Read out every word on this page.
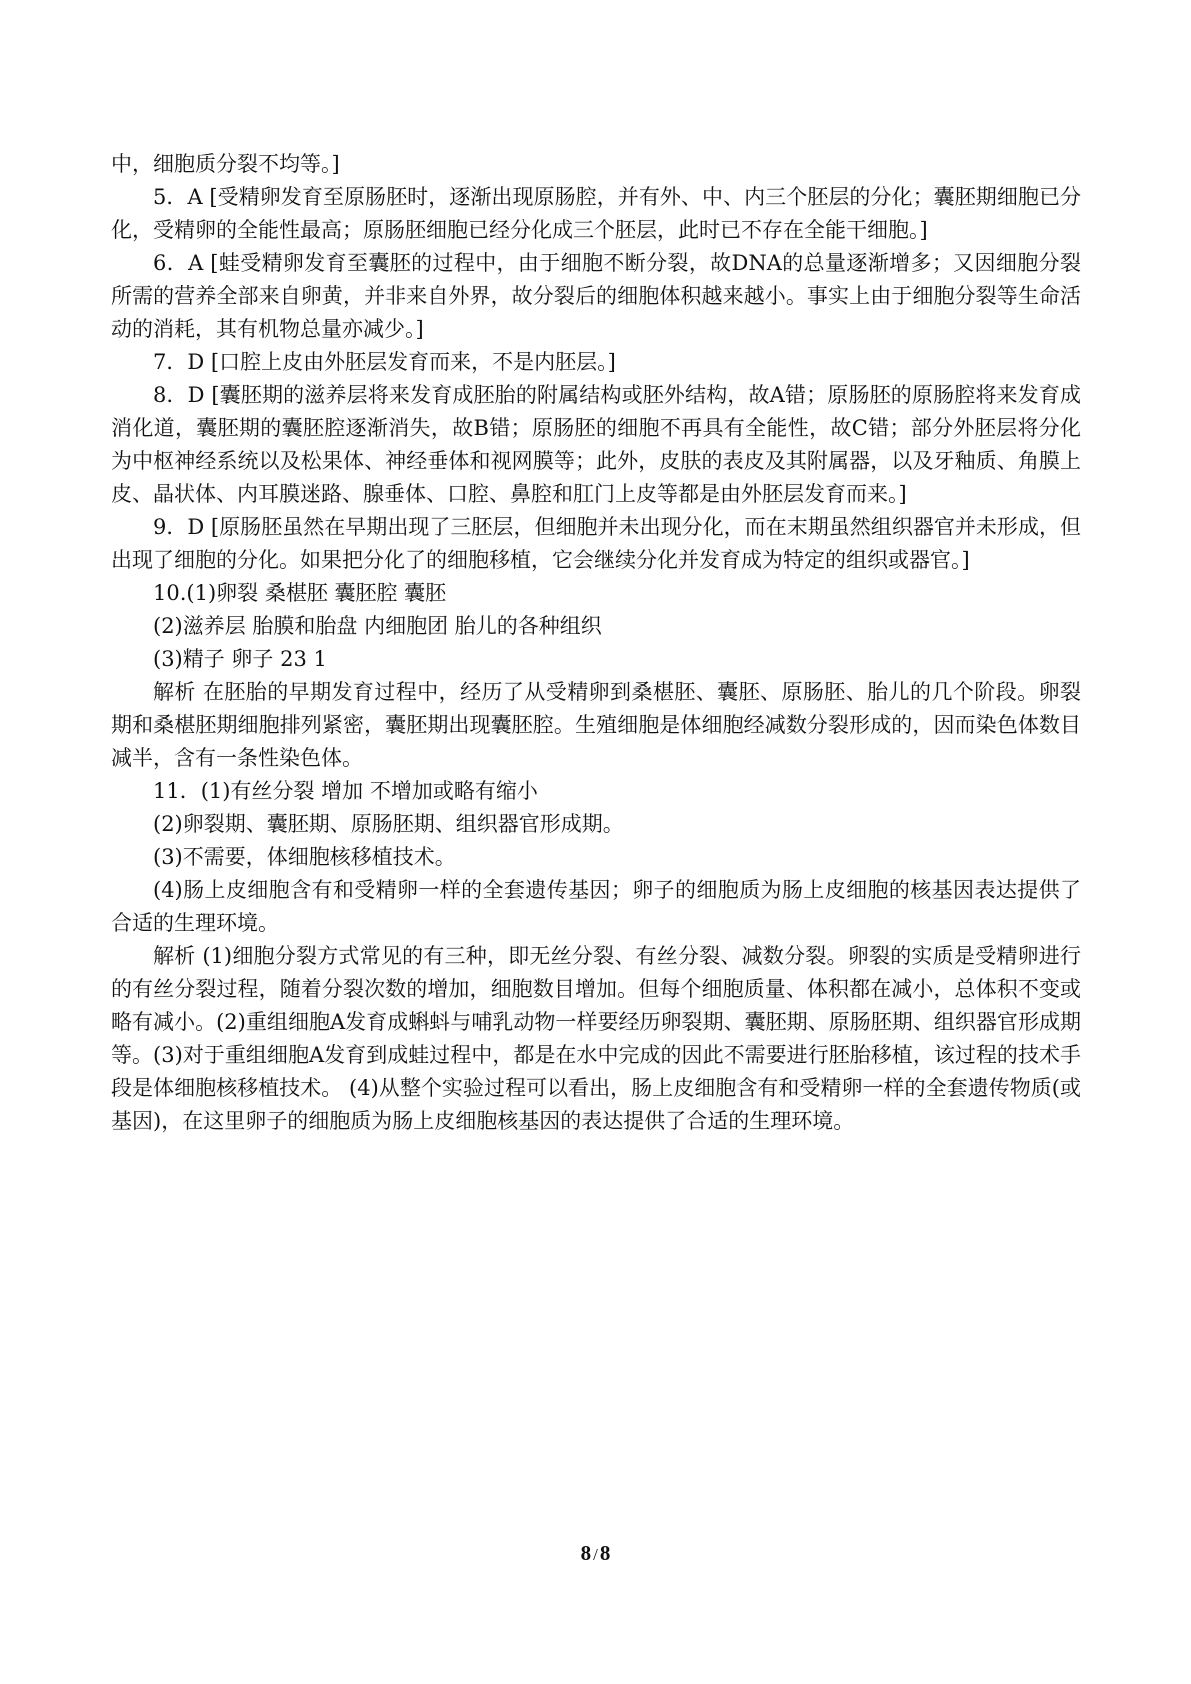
中，细胞质分裂不均等。]

5．A [受精卵发育至原肠胚时，逐渐出现原肠腔，并有外、中、内三个胚层的分化；囊胚期细胞已分化，受精卵的全能性最高；原肠胚细胞已经分化成三个胚层，此时已不存在全能干细胞。]

6．A [蛙受精卵发育至囊胚的过程中，由于细胞不断分裂，故DNA的总量逐渐增多；又因细胞分裂所需的营养全部来自卵黄，并非来自外界，故分裂后的细胞体积越来越小。事实上由于细胞分裂等生命活动的消耗，其有机物总量亦减少。]

7．D [口腔上皮由外胚层发育而来，不是内胚层。]

8．D [囊胚期的滋养层将来发育成胚胎的附属结构或胚外结构，故A错；原肠胚的原肠腔将来发育成消化道，囊胚期的囊胚腔逐渐消失，故B错；原肠胚的细胞不再具有全能性，故C错；部分外胚层将分化为中枢神经系统以及松果体、神经垂体和视网膜等；此外，皮肤的表皮及其附属器，以及牙釉质、角膜上皮、晶状体、内耳膜迷路、腺垂体、口腔、鼻腔和肛门上皮等都是由外胚层发育而来。]

9．D [原肠胚虽然在早期出现了三胚层，但细胞并未出现分化，而在末期虽然组织器官并未形成，但出现了细胞的分化。如果把分化了的细胞移植，它会继续分化并发育成为特定的组织或器官。]

10.(1)卵裂 桑椹胚 囊胚腔 囊胚

(2)滋养层 胎膜和胎盘 内细胞团 胎儿的各种组织

(3)精子 卵子 23 1

解析 在胚胎的早期发育过程中，经历了从受精卵到桑椹胚、囊胚、原肠胚、胎儿的几个阶段。卵裂期和桑椹胚期细胞排列紧密，囊胚期出现囊胚腔。生殖细胞是体细胞经减数分裂形成的，因而染色体数目减半，含有一条性染色体。

11．(1)有丝分裂 增加 不增加或略有缩小

(2)卵裂期、囊胚期、原肠胚期、组织器官形成期。

(3)不需要，体细胞核移植技术。

(4)肠上皮细胞含有和受精卵一样的全套遗传基因；卵子的细胞质为肠上皮细胞的核基因表达提供了合适的生理环境。

解析 (1)细胞分裂方式常见的有三种，即无丝分裂、有丝分裂、减数分裂。卵裂的实质是受精卵进行的有丝分裂过程，随着分裂次数的增加，细胞数目增加。但每个细胞质量、体积都在减小，总体积不变或略有减小。(2)重组细胞A发育成蝌蚪与哺乳动物一样要经历卵裂期、囊胚期、原肠胚期、组织器官形成期等。(3)对于重组细胞A发育到成蛙过程中，都是在水中完成的因此不需要进行胚胎移植，该过程的技术手段是体细胞核移植技术。 (4)从整个实验过程可以看出，肠上皮细胞含有和受精卵一样的全套遗传物质(或基因)，在这里卵子的细胞质为肠上皮细胞核基因的表达提供了合适的生理环境。

8 /8
